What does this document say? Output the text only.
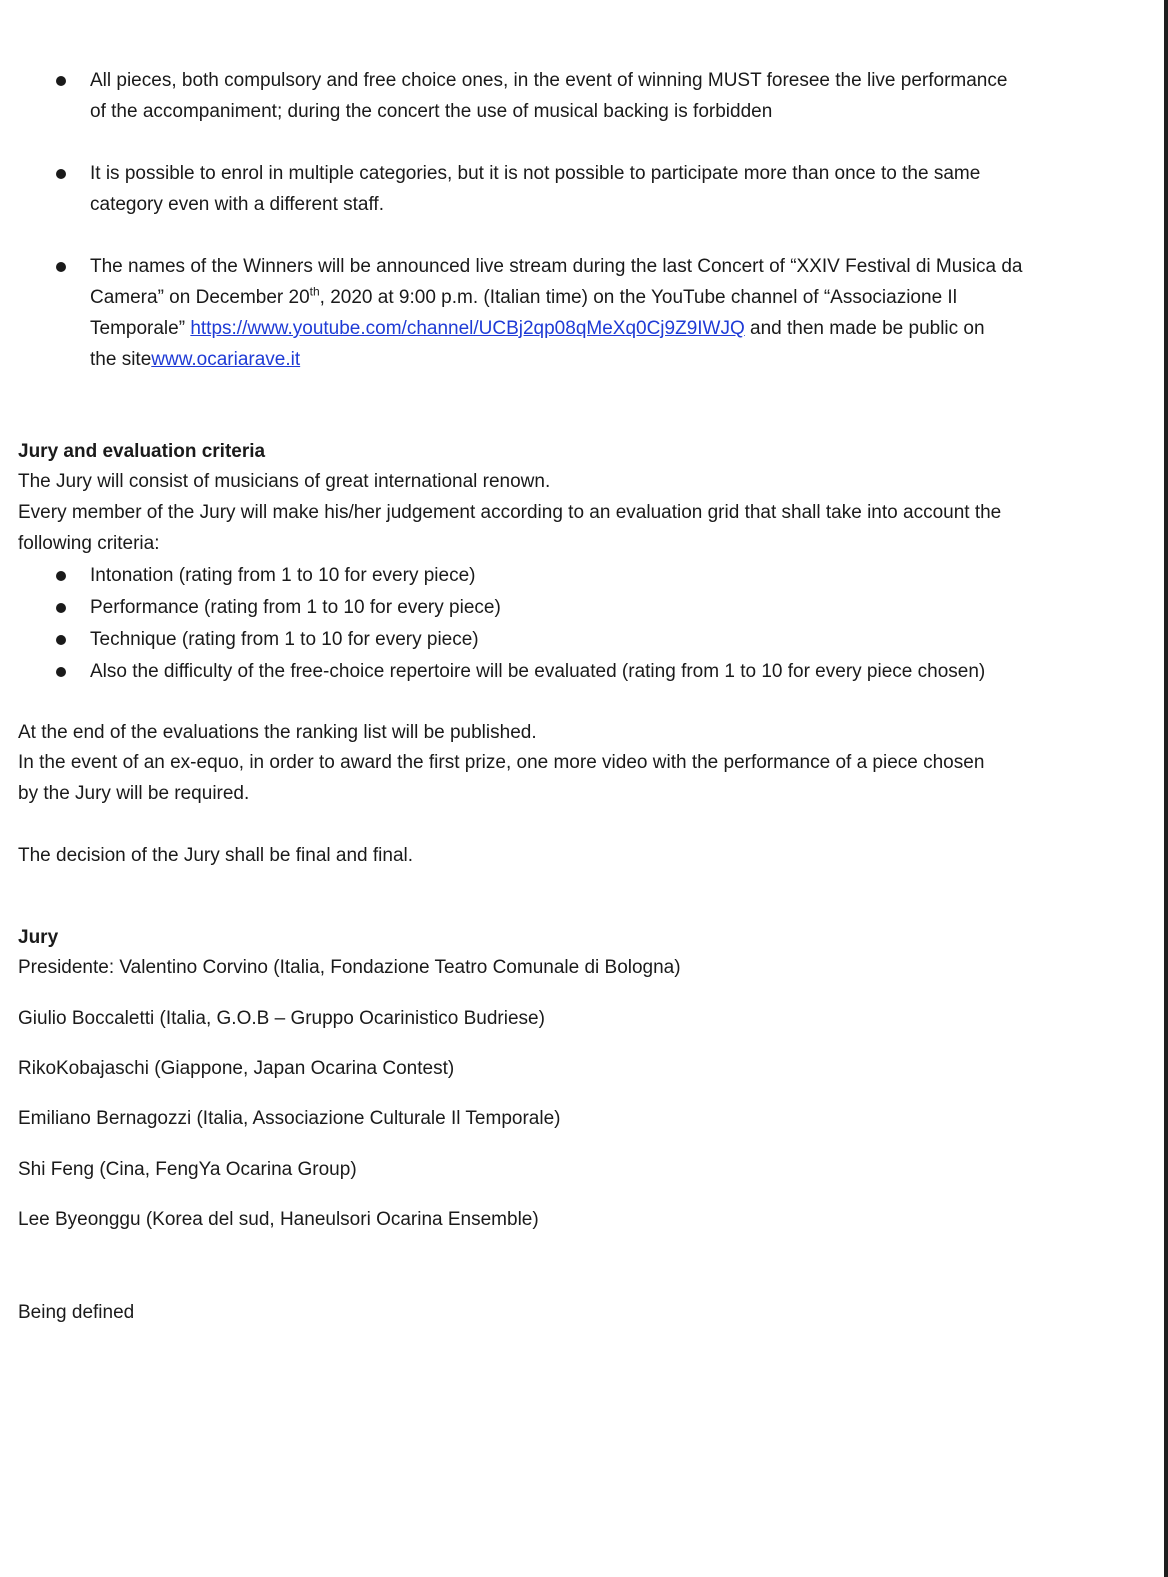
All pieces, both compulsory and free choice ones, in the event of winning MUST foresee the live performance

of the accompaniment; during the concert the use of musical backing is forbidden

It is possible to enrol in multiple categories, but it is not possible to participate more than once to the same

category even with a different staff.

The names of the Winners will be announced live stream during the last Concert of “XXIV Festival di Musica da

Camera” on December 20th, 2020 at 9:00 p.m. (Italian time) on the YouTube channel of “Associazione Il

Temporale” https://www.youtube.com/channel/UCBj2qp08qMeXq0Cj9Z9IWJQ and then made be public on

the sitewww.ocariarave.it

Jury and evaluation criteria
The Jury will consist of musicians of great international renown.
Every member of the Jury will make his/her judgement according to an evaluation grid that shall take into account the
following criteria:
Intonation (rating from 1 to 10 for every piece)
Performance (rating from 1 to 10 for every piece)
Technique (rating from 1 to 10 for every piece)
Also the difficulty of the free-choice repertoire will be evaluated (rating from 1 to 10 for every piece chosen)
At the end of the evaluations the ranking list will be published.
In the event of an ex-equo, in order to award the first prize, one more video with the performance of a piece chosen
by the Jury will be required.
The decision of the Jury shall be final and final.
Jury
Presidente: Valentino Corvino (Italia, Fondazione Teatro Comunale di Bologna)
Giulio Boccaletti (Italia, G.O.B – Gruppo Ocarinistico Budriese)
RikoKobajaschi (Giappone, Japan Ocarina Contest)
Emiliano Bernagozzi (Italia, Associazione Culturale Il Temporale)
Shi Feng (Cina, FengYa Ocarina Group)
Lee Byeonggu (Korea del sud, Haneulsori Ocarina Ensemble)
Being defined
